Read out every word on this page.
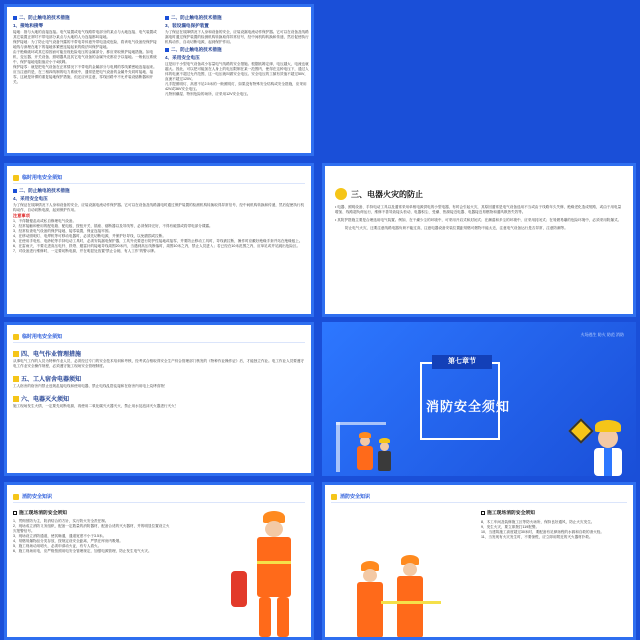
二、防止触电的技术措施
1、接地和接零
接地：指与大地的直接连接。电气装置或电气线路带电部分的某点与大地连接、电气装置或其它装置正常时不带电部分某点与大地的人为连接都叫接地。
保护接地：为了防止电气设备外露的不带电导体意外带电造成危险，将该电气设备经保护接地线与深埋在地下的接地体紧密连接起来的做法叫保护接地。
由于绝缘破坏或其它原因而可能呈现危险电压的金属部分，都应采取保护接地措施。如电机、变压器、开关设备、照明器具及其它电气设备的金属外壳都应予以接地。一般低压系统中，保护接地电阻值应小于4欧姆。
保护接零：就是把电气设备在正常情况下不带电的金属部分与电网的零线紧密地连接起来。应当注意的是，在三相四线制的电力系统中，通常是把电气设备的金属外壳同时接地、接零，这就是所谓的重复接地保护措施，但还应该注意，零线回路中不允许装设熔断器和开关。
二、防止触电的技术措施
3、装设漏电保护装置
为了保证在故障情况下人身和设备的安全，应装设漏电流动作保护器。它可以在设备及线路漏电时通过保护装置的检测机构转换取得异常信号，经中间机构转换和传递，然后促使执行机构动作，自动切断电源，起到保护作用。
二、防止触电的技术措施
4、采用安全电压
这是用于小型电气设备或小容量电气线路的安全措施。根据欧姆定律，电压越大，电流也就越大。因此，可以把可能加在人身上的电压限制在某一范围内，使得在这种电压下，通过人体的电流不超过允许范围，这一电压就叫做安全电压。安全电压的工频有效值不超过50V，直流不超过120V。
凡手提照明灯、高度不足2.5米的一般照明灯，如果没有特殊安全结构或安全措施，应采用42V或36V安全电压。
凡特别潮湿、特别危险的场所，应采用12V安全电压。
临时用电安全须知
二、防止触电的技术措施
4、采用安全电压
为了保证在故障情况下人身和设备的安全，应装设漏电流动作保护器。它可以在设备及线路漏电时通过保护装置的检测机构转换取得异常信号，经中间机构转换和传递，然后促使执行机构动作，自动切断电源，起到保护作用。
注意事项
1、不得随便乱动或私自修理电气设备。
2、经常接触和使用的配电箱、配电板、按钮开关、插座、熔断器以及导线等，必须保持完好，不得有破损或将带电部分裸露。
3、经常检查电气设备的保护接地、接零装置，保证连接牢固。
4、在移动照明灯、电焊机等可移动电器时，必须先切断电源，并保护好导线，以免磨损或拉断。
5、在使用手电钻、电砂轮等手持电动工具时，必须安装漏电保护器，工具外壳要进行防护性接地或接零，并要防止移动工具时，导线被拉断，操作时应戴好绝缘手套并站在绝缘板上。
6、在雷雨天，不要走进高压电杆、铁塔、避雷针的接地导线周围20米内，当遇到高压线断落时，周围10米之内，禁止人员进入；若已经在10米范围之内，应单足或并足跳出危险区。
7、对设备进行维修时，一定要切断电源，并在明显处放置“禁止合闸，有人工作”的警示牌。
三、电器火灾的防止
• 电器、照明设备、手持电动工具以及通常采用单相电源供电的小型电器，有时会引起火灾，其原因通常是电气设备选用不当或由于线路年久失修，绝缘老化造成短路，或由于用电量增加、线路超负荷运行，维修不善导致接头松动，电器积尘、受潮、热源接近电器、电器接近易燃物和通风散热失效等。
• 其防护措施主要是合理选用电气装置。例如，在干燥少尘的环境中，可采用开启式和封闭式；在潮湿和多尘的环境中，应采用封闭式；在易燃易爆的危险环境中，必须采用防爆式。
防止电气火灾，还要注意线路电器负荷不能过高，注意电器设备安装位置距易燃可燃物不能太近，注意电气设备运行是否异常，注意防潮等。
临时用电安全须知
四、电气作业管理措施
从事电气工作的人员为特种作业人员，必须经过专门的安全技术培训和考核，经考试合格取得安全生产综合管理部门核发的《特种作业操作证》后，才能独立作业。电工作业人员要遵守电工作业安全操作规程，必须遵守施工现场安全管理制度。
五、工人宿舍电器须知
工人宿舍的宿舍内禁止违规乱接电线和使用电器，禁止电线乱搭乱接和在宿舍内用电上烧烤食物！
六、电器灭火须知
施工现场发生火情，一定要先切断电源，再使用二氧化碳灭火器灭火，禁止用水及泡沫灭火器进行灭火！
火场逃生 防火 防范 消防
第七章节
消防安全须知
消防安全知识
施工现场消防安全须知
1、贯彻预防为主，防消结合的方针，实行防火安全责任制。
2、现场成立消防义务组织，配备一定数量的消防器材，配备合适的灭火器材，并的明显位置设立火灾报警信号。
3、现场设立消防通道，使其畅通，通道宽度不小于3.5米。
4、易燃易爆物品分类存放，按规定设安全距离，严禁在库房内吸烟。
5、施工现场动用明火，必须申请动火证，有专人看火。
6、施工现场用电，应严格按照用电安全管理规定，加强电源管理，防止发生电气火灾。
消防安全知识
施工现场消防安全须知
8、木工车间及装修施工区等防火场所，保持良好通风，防止火灾发生。
9、发生火灾，要立即拨打119报警。
10、当建筑施工高度超过30米时，要配备有足够扬程的水源和自救的消火栓。
11、当发现有火灾发生时，不要惊慌，应立即用附近的灭火器材扑救。
